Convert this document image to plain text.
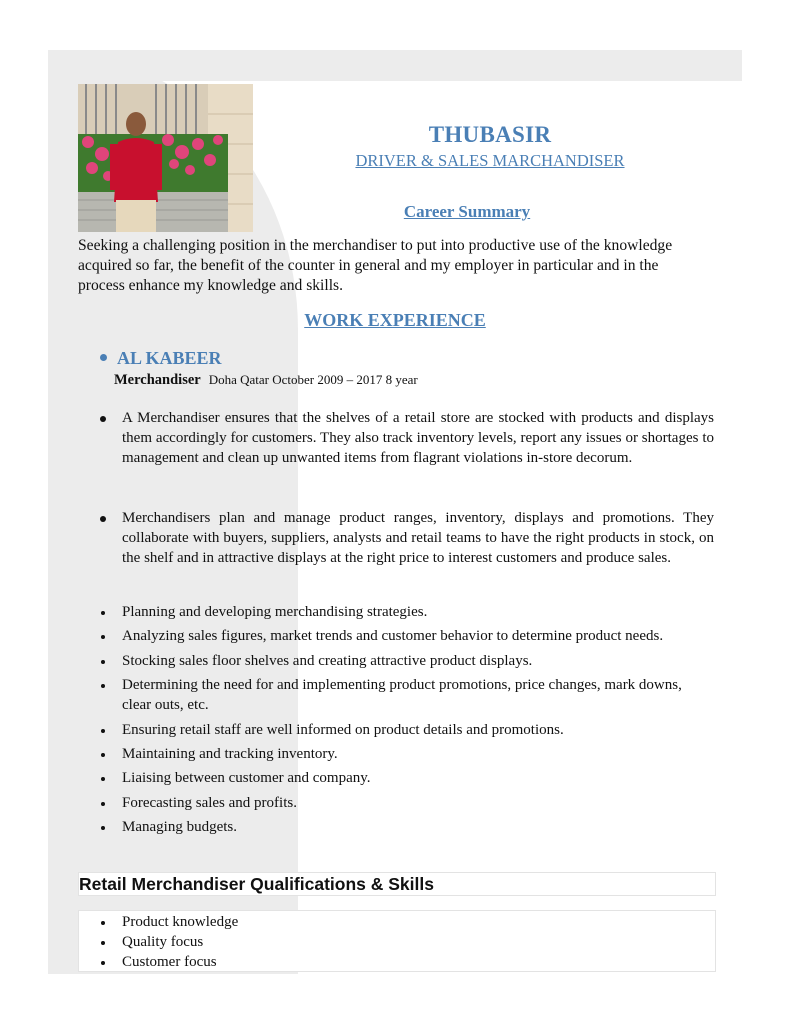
THUBASIR
DRIVER & SALES MARCHANDISER
Career Summary

Seeking a challenging position in the merchandiser to put into productive use of the knowledge acquired so far, the benefit of the counter in general and my employer in particular and in the process enhance my knowledge and skills.

WORK EXPERIENCE
AL KABEER
Merchandiser Doha Qatar October 2009 – 2017 8 year
A Merchandiser ensures that the shelves of a retail store are stocked with products and displays them accordingly for customers. They also track inventory levels, report any issues or shortages to management and clean up unwanted items from flagrant violations in-store decorum.
Merchandisers plan and manage product ranges, inventory, displays and promotions. They collaborate with buyers, suppliers, analysts and retail teams to have the right products in stock, on the shelf and in attractive displays at the right price to interest customers and produce sales.
Planning and developing merchandising strategies.
Analyzing sales figures, market trends and customer behavior to determine product needs.
Stocking sales floor shelves and creating attractive product displays.
Determining the need for and implementing product promotions, price changes, mark downs, clear outs, etc.
Ensuring retail staff are well informed on product details and promotions.
Maintaining and tracking inventory.
Liaising between customer and company.
Forecasting sales and profits.
Managing budgets.
Retail Merchandiser Qualifications & Skills
Product knowledge
Quality focus
Customer focus
